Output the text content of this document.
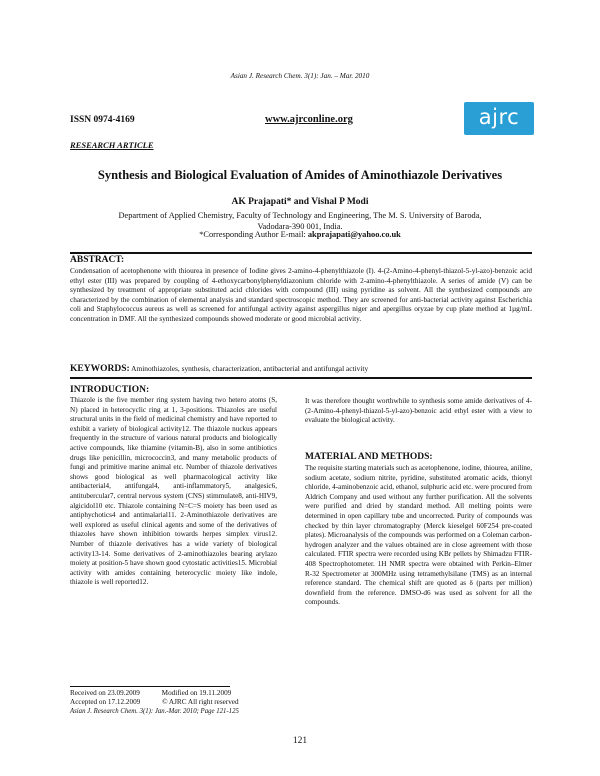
Asian J. Research Chem. 3(1): Jan. – Mar. 2010
ISSN 0974-4169	www.ajrconline.org	ajrc
RESEARCH ARTICLE
Synthesis and Biological Evaluation of Amides of Aminothiazole Derivatives
AK Prajapati* and Vishal P Modi
Department of Applied Chemistry, Faculty of Technology and Engineering, The M. S. University of Baroda,
Vadodara-390 001, India.
*Corresponding Author E-mail: akprajapati@yahoo.co.uk
ABSTRACT:
Condensation of acetophenone with thiourea in presence of Iodine gives 2-amino-4-phenylthiazole (I). 4-(2-Amino-4-phenyl-thiazol-5-yl-azo)-benzoic acid ethyl ester (III) was prepared by coupling of 4-ethoxycarbonylphenyldiazonium chloride with 2-amino-4-phenylthiazole. A series of amide (V) can be synthesized by treatment of appropriate substituted acid chlorides with compound (III) using pyridine as solvent. All the synthesized compounds are characterized by the combination of elemental analysis and standard spectroscopic method. They are screened for anti-bacterial activity against Escherichia coli and Staphylococcus aureus as well as screened for antifungal activity against aspergillus niger and apergillus oryzae by cup plate method at 1µg/mL concentration in DMF. All the synthesized compounds showed moderate or good microbial activity.
KEYWORDS: Aminothiazoles, synthesis, characterization, antibacterial and antifungal activity
INTRODUCTION:
Thiazole is the five member ring system having two hetero atoms (S, N) placed in heterocyclic ring at 1, 3-positions. Thiazoles are useful structural units in the field of medicinal chemistry and have reported to exhibit a variety of biological activity12. The thiazole nuckus appears frequently in the structure of various natural products and biologically active compounds, like thiamine (vitamin-B), also in some antibiotics drugs like penicillin, micrococcin3, and many metabolic products of fungi and primitive marine animal etc. Number of thiazole derivatives shows good biological as well pharmacological activity like antibacterial4, antifungal4, anti-inflammatory5, analgesic6, antitubercular7, central nervous system (CNS) stimmulate8, anti-HIV9, algicidol10 etc. Thiazole containing N=C=S moiety has been used as antiphychotics4 and antimalarial11. 2-Aminothiazole derivatives are well explored as useful clinical agents and some of the derivatives of thiazoles have shown inhibition towards herpes simplex virus12. Number of thiazole derivatives has a wide variety of biological activity13-14. Some derivatives of 2-aminothiazoles bearing arylazo moiety at position-5 have shown good cytostatic activities15. Microbial activity with amides containing heterocyclic moiety like indole, thiazole is well reported12.
It was therefore thought worthwhile to synthesis some amide derivatives of 4-(2-Amino-4-phenyl-thiazol-5-yl-azo)-benzoic acid ethyl ester with a view to evaluate the biological activity.
MATERIAL AND METHODS:
The requisite starting materials such as acetophenone, iodine, thiourea, aniline, sodium acetate, sodium nitrite, pyridine, substituted aromatic acids, thionyl chloride, 4-aminobenzoic acid, ethanol, sulphuric acid etc. were procured from Aldrich Company and used without any further purification. All the solvents were purified and dried by standard method. All melting points were determined in open capillary tube and uncorrected. Purity of compounds was checked by thin layer chromatography (Merck kieselgel 60F254 pre-coated plates). Microanalysis of the compounds was performed on a Coleman carbon-hydrogen analyzer and the values obtained are in close agreement with those calculated. FTIR spectra were recorded using KBr pellets by Shimadzu FTIR-408 Spectrophotometer. 1H NMR spectra were obtained with Perkin–Elmer R-32 Spectrometer at 300MHz using tetramethylsilane (TMS) as an internal reference standard. The chemical shift are quoted as δ (parts per million) downfield from the reference. DMSO-d6 was used as solvent for all the compounds.
Received on 23.09.2009	Modified on 19.11.2009
Accepted on 17.12.2009	© AJRC All right reserved
Asian J. Research Chem. 3(1): Jan.-Mar. 2010; Page 121-125
121
